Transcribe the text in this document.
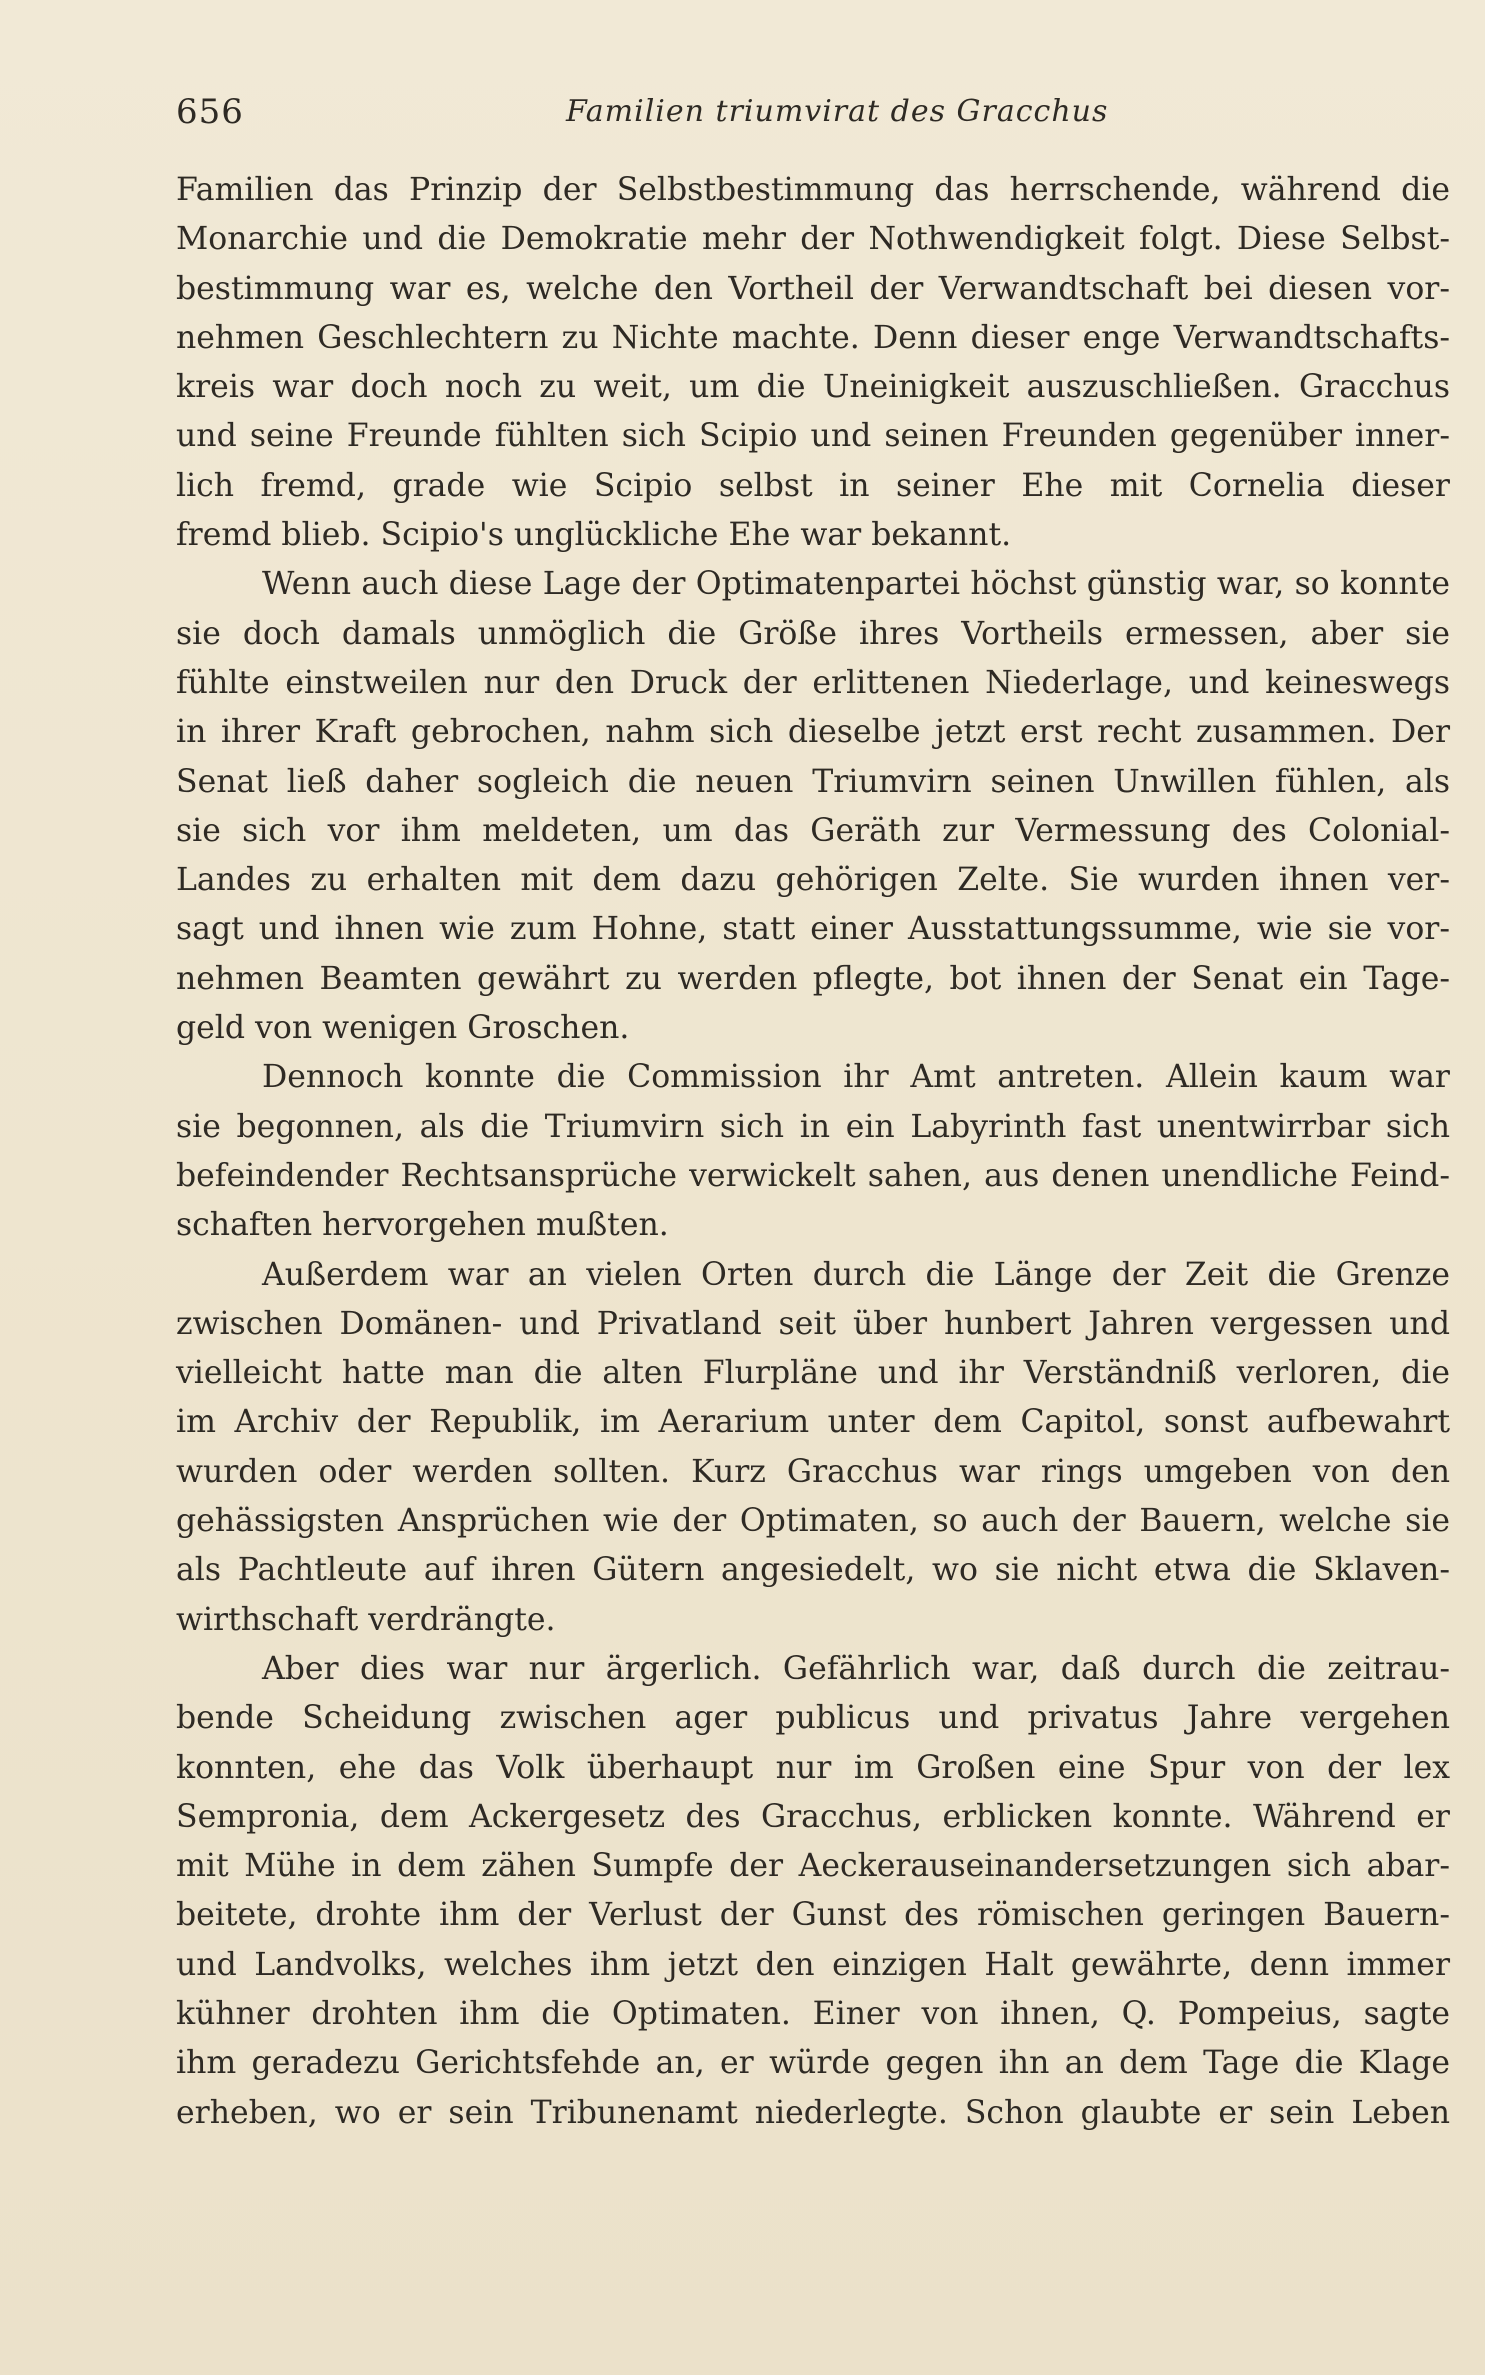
656	Familien triumvirat des Gracchus
Familien das Prinzip der Selbstbestimmung das herrschende, während die
Monarchie und die Demokratie mehr der Nothwendigkeit folgt. Diese Selbst-
bestimmung war es, welche den Vortheil der Verwandtschaft bei diesen vor-
nehmen Geschlechtern zu Nichte machte. Denn dieser enge Verwandtschafts-
kreis war doch noch zu weit, um die Uneinigkeit auszuschließen. Gracchus
und seine Freunde fühlten sich Scipio und seinen Freunden gegenüber inner-
lich fremd, grade wie Scipio selbst in seiner Ehe mit Cornelia dieser
fremd blieb. Scipio's unglückliche Ehe war bekannt.
Wenn auch diese Lage der Optimatenpartei höchst günstig war, so konnte
sie doch damals unmöglich die Größe ihres Vortheils ermessen, aber sie
fühlte einstweilen nur den Druck der erlittenen Niederlage, und keineswegs
in ihrer Kraft gebrochen, nahm sich dieselbe jetzt erst recht zusammen. Der
Senat ließ daher sogleich die neuen Triumvirn seinen Unwillen fühlen, als
sie sich vor ihm meldeten, um das Geräth zur Vermessung des Colonial-
Landes zu erhalten mit dem dazu gehörigen Zelte. Sie wurden ihnen ver-
sagt und ihnen wie zum Hohne, statt einer Ausstattungssumme, wie sie vor-
nehmen Beamten gewährt zu werden pflegte, bot ihnen der Senat ein Tage-
geld von wenigen Groschen.
Dennoch konnte die Commission ihr Amt antreten. Allein kaum war
sie begonnen, als die Triumvirn sich in ein Labyrinth fast unentwirrbar sich
befeindender Rechtsansprüche verwickelt sahen, aus denen unendliche Feind-
schaften hervorgehen mußten.
Außerdem war an vielen Orten durch die Länge der Zeit die Grenze
zwischen Domänen- und Privatland seit über hunbert Jahren vergessen und
vielleicht hatte man die alten Flurpläne und ihr Verständniß verloren, die
im Archiv der Republik, im Aerarium unter dem Capitol, sonst aufbewahrt
wurden oder werden sollten. Kurz Gracchus war rings umgeben von den
gehässigsten Ansprüchen wie der Optimaten, so auch der Bauern, welche sie
als Pachtleute auf ihren Gütern angesiedelt, wo sie nicht etwa die Sklaven-
wirthschaft verdrängte.
Aber dies war nur ärgerlich. Gefährlich war, daß durch die zeitrau-
bende Scheidung zwischen ager publicus und privatus Jahre vergehen
konnten, ehe das Volk überhaupt nur im Großen eine Spur von der lex
Sempronia, dem Ackergesetz des Gracchus, erblicken konnte. Während er
mit Mühe in dem zähen Sumpfe der Aeckerauseinandersetzungen sich abar-
beitete, drohte ihm der Verlust der Gunst des römischen geringen Bauern-
und Landvolks, welches ihm jetzt den einzigen Halt gewährte, denn immer
kühner drohten ihm die Optimaten. Einer von ihnen, Q. Pompeius, sagte
ihm geradezu Gerichtsfehde an, er würde gegen ihn an dem Tage die Klage
erheben, wo er sein Tribunenamt niederlegte. Schon glaubte er sein Leben
